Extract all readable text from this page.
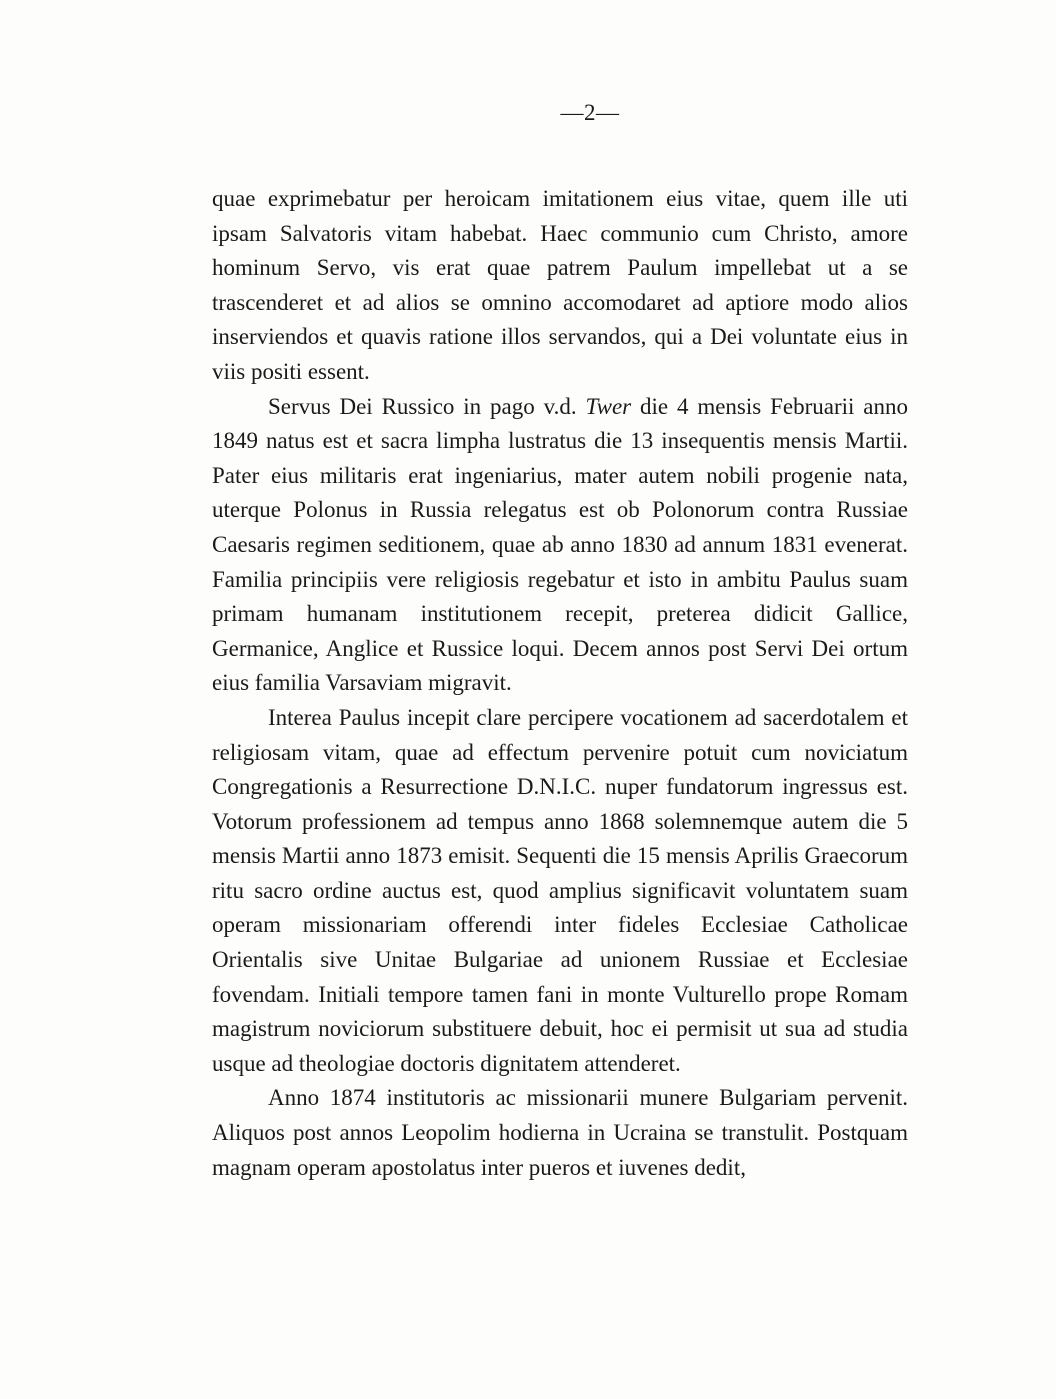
—2—

quae exprimebatur per heroicam imitationem eius vitae, quem ille uti ipsam Salvatoris vitam habebat. Haec communio cum Christo, amore hominum Servo, vis erat quae patrem Paulum impellebat ut a se trascenderet et ad alios se omnino accomodaret ad aptiore modo alios inserviendos et quavis ratione illos servandos, qui a Dei voluntate eius in viis positi essent.

Servus Dei Russico in pago v.d. Twer die 4 mensis Februarii anno 1849 natus est et sacra limpha lustratus die 13 insequentis mensis Martii. Pater eius militaris erat ingeniarius, mater autem nobili progenie nata, uterque Polonus in Russia relegatus est ob Polonorum contra Russiae Caesaris regimen seditionem, quae ab anno 1830 ad annum 1831 evenerat. Familia principiis vere religiosis regebatur et isto in ambitu Paulus suam primam humanam institutionem recepit, preterea didicit Gallice, Germanice, Anglice et Russice loqui. Decem annos post Servi Dei ortum eius familia Varsaviam migravit.

Interea Paulus incepit clare percipere vocationem ad sacerdotalem et religiosam vitam, quae ad effectum pervenire potuit cum noviciatum Congregationis a Resurrectione D.N.I.C. nuper fundatorum ingressus est. Votorum professionem ad tempus anno 1868 solemnemque autem die 5 mensis Martii anno 1873 emisit. Sequenti die 15 mensis Aprilis Graecorum ritu sacro ordine auctus est, quod amplius significavit voluntatem suam operam missionariam offerendi inter fideles Ecclesiae Catholicae Orientalis sive Unitae Bulgariae ad unionem Russiae et Ecclesiae fovendam. Initiali tempore tamen fani in monte Vulturello prope Romam magistrum noviciorum substituere debuit, hoc ei permisit ut sua ad studia usque ad theologiae doctoris dignitatem attenderet.

Anno 1874 institutoris ac missionarii munere Bulgariam pervenit. Aliquos post annos Leopolim hodierna in Ucraina se transtulit. Postquam magnam operam apostolatus inter pueros et iuvenes dedit,
